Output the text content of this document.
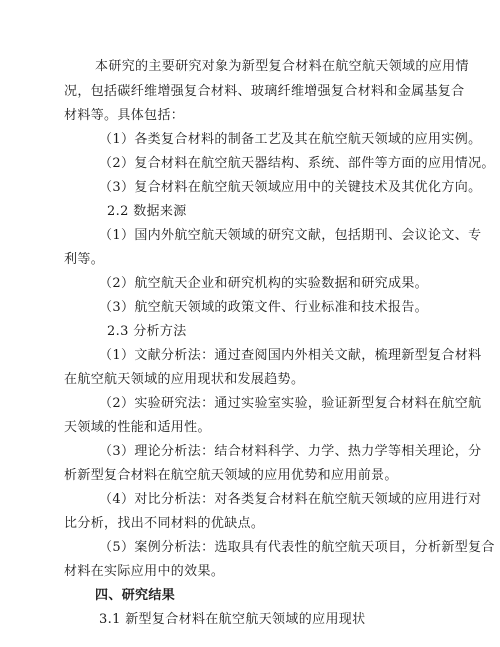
本研究的主要研究对象为新型复合材料在航空航天领域的应用情
况，包括碳纤维增强复合材料、玻璃纤维增强复合材料和金属基复合
材料等。具体包括：
（1）各类复合材料的制备工艺及其在航空航天领域的应用实例。
（2）复合材料在航空航天器结构、系统、部件等方面的应用情况。
（3）复合材料在航空航天领域应用中的关键技术及其优化方向。
2.2 数据来源
（1）国内外航空航天领域的研究文献，包括期刊、会议论文、专
利等。
（2）航空航天企业和研究机构的实验数据和研究成果。
（3）航空航天领域的政策文件、行业标准和技术报告。
2.3 分析方法
（1）文献分析法：通过查阅国内外相关文献，梳理新型复合材料
在航空航天领域的应用现状和发展趋势。
（2）实验研究法：通过实验室实验，验证新型复合材料在航空航
天领域的性能和适用性。
（3）理论分析法：结合材料科学、力学、热力学等相关理论，分
析新型复合材料在航空航天领域的应用优势和应用前景。
（4）对比分析法：对各类复合材料在航空航天领域的应用进行对
比分析，找出不同材料的优缺点。
（5）案例分析法：选取具有代表性的航空航天项目，分析新型复合
材料在实际应用中的效果。
四、研究结果
3.1 新型复合材料在航空航天领域的应用现状
